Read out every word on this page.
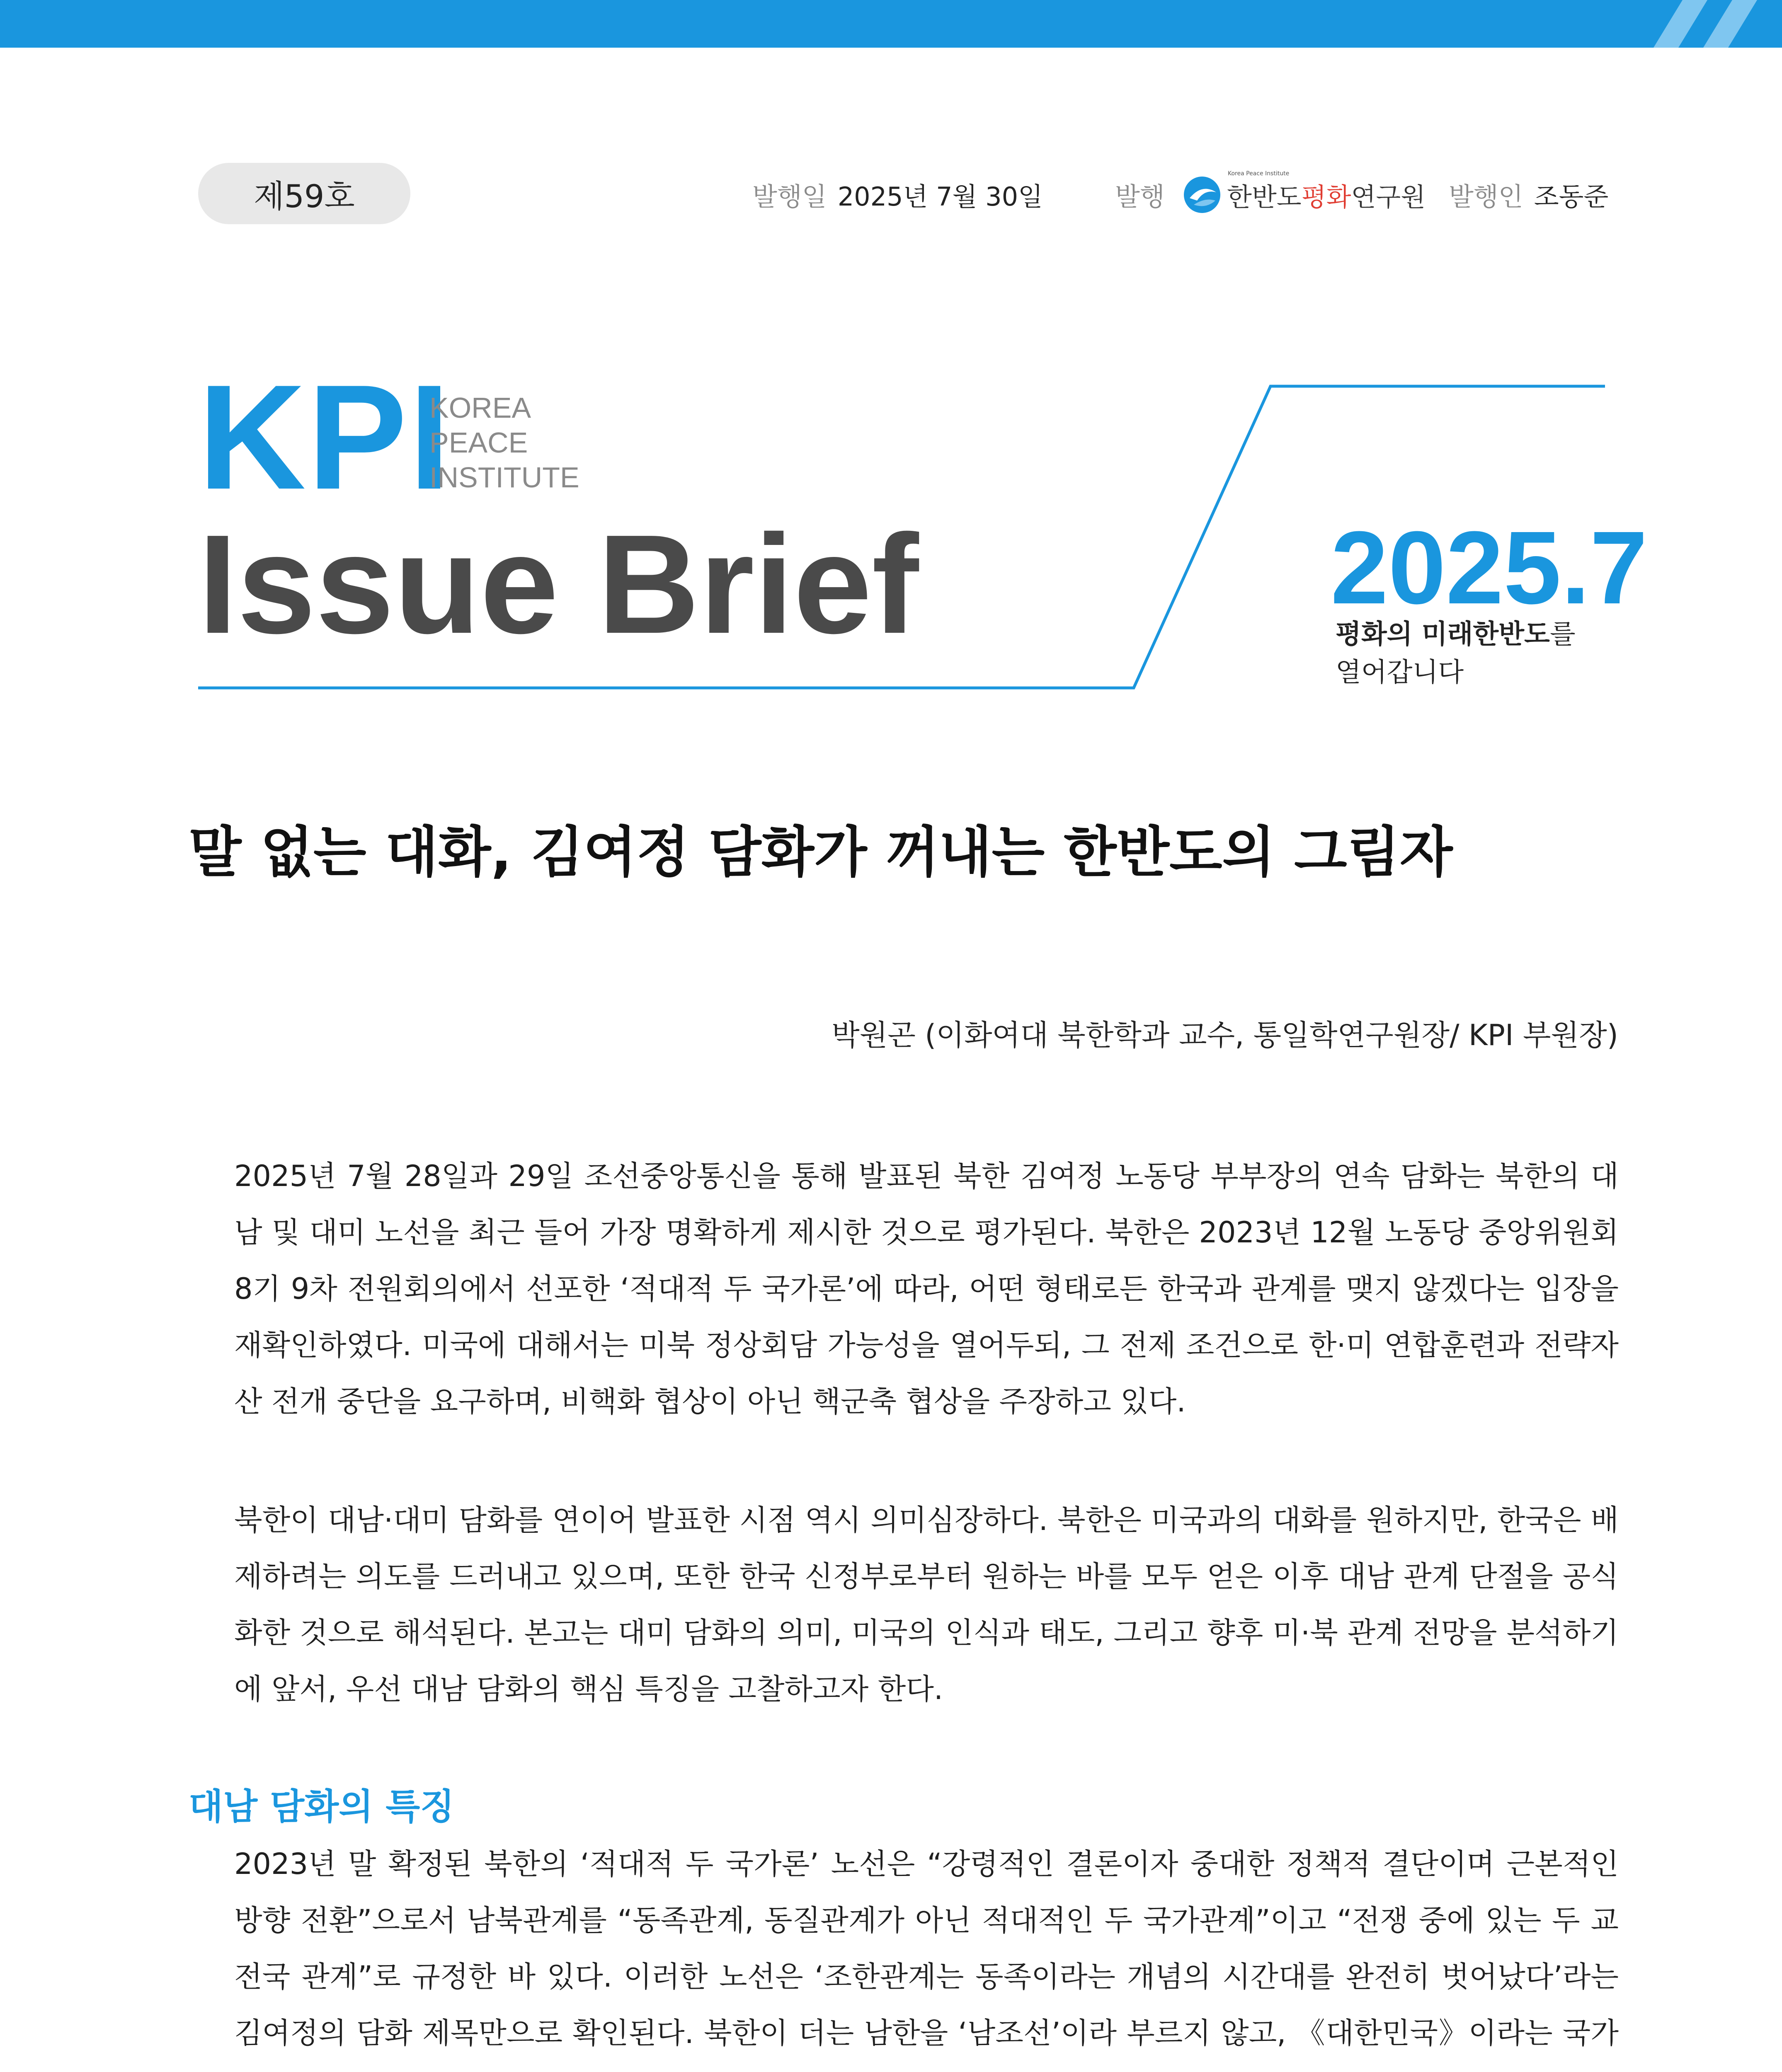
제59호	발행일 2025년 7월 30일	발행
Korea Peace Institute
한반도평화연구원 발행인 조동준
KPI
KOREA
PEACE
INSTITUTE
Issue Brief	2025.7
평화의 미래한반도를
열어갑니다
말 없는 대화, 김여정 담화가 꺼내는 한반도의 그림자
박원곤 (이화여대 북한학과 교수, 통일학연구원장/ KPI 부원장)
2025년 7월 28일과 29일 조선중앙통신을 통해 발표된 북한 김여정 노동당 부부장의 연속 담화는 북한의 대남 및 대미 노선을 최근 들어 가장 명확하게 제시한 것으로 평가된다. 북한은 2023년 12월 노동당 중앙위원회 8기 9차 전원회의에서 선포한 ‘적대적 두 국가론’에 따라, 어떤 형태로든 한국과 관계를 맺지 않겠다는 입장을 재확인하였다. 미국에 대해서는 미북 정상회담 가능성을 열어두되, 그 전제 조건으로 한·미 연합훈련과 전략자산 전개 중단을 요구하며, 비핵화 협상이 아닌 핵군축 협상을 주장하고 있다.
북한이 대남·대미 담화를 연이어 발표한 시점 역시 의미심장하다. 북한은 미국과의 대화를 원하지만, 한국은 배제하려는 의도를 드러내고 있으며, 또한 한국 신정부로부터 원하는 바를 모두 얻은 이후 대남 관계 단절을 공식화한 것으로 해석된다. 본고는 대미 담화의 의미, 미국의 인식과 태도, 그리고 향후 미·북 관계 전망을 분석하기에 앞서, 우선 대남 담화의 핵심 특징을 고찰하고자 한다.
대남 담화의 특징
2023년 말 확정된 북한의 ‘적대적 두 국가론’ 노선은 “강령적인 결론이자 중대한 정책적 결단이며 근본적인 방향 전환”으로서 남북관계를 “동족관계, 동질관계가 아닌 적대적인 두 국가관계”이고 “전쟁 중에 있는 두 교전국 관계”로 규정한 바 있다. 이러한 노선은 ‘조한관계는 동족이라는 개념의 시간대를 완전히 벗어났다’라는 김여정의 담화 제목만으로 확인된다. 북한이 더는 남한을 ‘남조선’이라 부르지 않고, 《대한민국》이라는 국가
